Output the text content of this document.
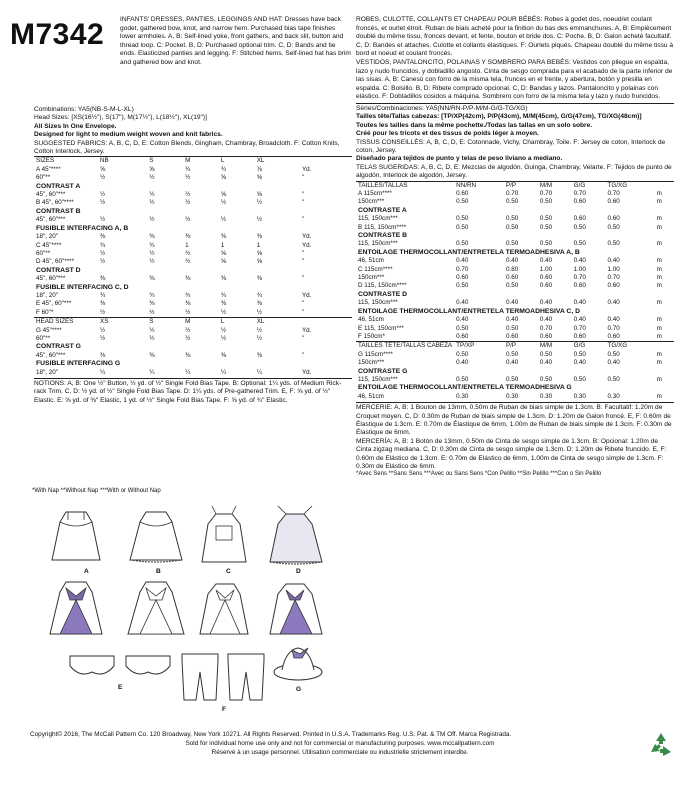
M7342 INFANTS' DRESSES, PANTIES, LEGGINGS AND HAT: Dresses have back godet, gathered bow, knot, and narrow hem. Purchased bias tape finishes lower armholes. A, B: Self-lined yoke, front gathers, and back slit, button and thread loop. C: Pocket. B, D: Purchased optional trim. C, D: Bands and tie ends. Elasticized panties and legging. F: Stitched hems. Self-lined hat has brim and gathered bow and knot.
Combinations: YA5(NB-S-M-L-XL)
Head Sizes: [XS(16½"), S(17"), M(17½"), L(18½"), XL(19")]
All Sizes In One Envelope.
Designed for light to medium weight woven and knit fabrics.
SUGGESTED FABRICS: A, B, C, D, E: Cotton Blends, Gingham, Chambray, Broadcloth. F: Cotton Knits, Cotton Interlock, Jersey.
SIZES	NB	S	M	L	XL	
A 45"****	⅝	⅝	¾	¾	⅞	Yd.
60"**	½	½	½	⅝	⅝	"
CONTRAST A						
45", 60"***	½	½	½	⅝	⅝	"
B 45", 60"****	½	½	½	½	½	"
CONTRAST B						
45", 60"***	½	½	½	½	½	"
FUSIBLE INTERFACING A, B						
18", 20"	⅜	⅜	⅜	⅜	⅜	Yd.
C 45"****	¾	¾	1	1	1	Yd.
60"**	½	½	½	⅝	⅝	"
D 45", 60"****	½	½	½	⅝	⅝	"
CONTRAST D						
45", 60"***	⅜	⅜	⅜	⅜	⅜	"
FUSIBLE INTERFACING C, D						
18", 20"	¾	¾	¾	¾	¾	Yd.
E 45", 60"***	⅜	⅜	⅜	⅜	⅜	"
F 60"*	½	½	½	½	½	"
HEAD SIZES	XS	S	M	L	XL	
G 45"****	½	½	½	½	½	Yd.
60"**	½	½	½	½	½	"
CONTRAST G						
45", 60"***	⅜	⅜	⅜	⅜	⅜	"
FUSIBLE INTERFACING G						
18", 20"	¼	¼	¼	¼	¼	Yd.
NOTIONS: A, B: One ½" Button, ½ yd. of ½" Single Fold Bias Tape. B: Optional: 1¼ yds. of Medium Rick-rack Trim. C, D: ½ yd. of ½" Single Fold Bias Tape. D: 1¼ yds. of Pre-gathered Trim. E, F: ⅝ yd. of ½" Elastic. E: ⅝ yd. of ⅜" Elastic, 1 yd. of ½" Single Fold Bias Tape. F: ⅝ yd. of ¾" Elastic.
*With Nap **Without Nap ***With or Without Nap
A	B	C	D
E
F
G
ROBES, CULOTTE, COLLANTS ET CHAPEAU POUR BÉBÉS: Robes à godet dos, noeud/et coulant froncés, et ourlet étroit. Ruban de biais acheté pour la finition du bas des emmanchures. A, B: Empiècement doublé du même tissu, fronces devant, et fente, bouton et bride dos. C: Poche. B, D: Galon acheté facultatif. C, D: Bandes et attaches. Culotte et collants élastiques. F: Ourlets piqués. Chapeau doublé du même tissu à bord et noeud et coulant froncés.
VESTIDOS, PANTALONCITO, POLAINAS Y SOMBRERO PARA BEBÉS: Vestidos con pliegue en espalda, lazo y nudo fruncidos, y dobladillo angosto. Cinta de sesgo comprada para el acabado de la parte inferior de las sisas. A, B: Canesú con forro de la misma tela, frunces en el frente, y abertura, botón y presilla en espalda. C: Bolsillo. B, D: Ribete comprado opcional. C, D: Bandas y lazos. Pantaloncito y polainas con elástico. F: Dobladillos cosidos a máquina. Sombrero con forro de la misma tela y lazo y nudo fruncidos.
Séries/Combinaciones: YA5(NN/RN-P/P-M/M-G/G-TG/XG)
Tailles tête/Tallas cabezas: [TP/XP(42cm), P/P(43cm), M/M(45cm), G/G(47cm), TG/XG(48cm)]
Toutes les tailles dans la même pochette./Todas las tallas en un solo sobre.
Créé pour les tricots et des tissus de poids léger à moyen.
TISSUS CONSEILLÉS: A, B, C, D, E: Cotonnade, Vichy, Chambray, Toile. F: Jersey de coton, Interlock de coton, Jersey.
Diseñado para tejidos de punto y telas de peso liviano a mediano.
TELAS SUGERIDAS: A, B, C, D, E: Mezclas de algodón, Guinga, Chambray, Velarte. F: Tejidos de punto de algodón, Interlock de algodón, Jersey.
TAILLES/TALLAS	NN/RN	P/P	M/M	G/G	TG/XG	
A 115cm****	0.60	0.70	0.70	0.70	0.70	m
150cm***	0.50	0.50	0.50	0.60	0.60	m
CONTRASTE A						
115, 150cm***	0.50	0.50	0.50	0.60	0.60	m
B 115, 150cm****	0.50	0.50	0.50	0.50	0.50	m
CONTRASTE B						
115, 150cm***	0.50	0.50	0.50	0.50	0.50	m
ENTOILAGE THERMOCOLLANT/ENTRETELA TERMOADHESIVA A, B						
46, 51cm	0.40	0.40	0.40	0.40	0.40	m
C 115cm****	0.70	0.80	1.00	1.00	1.00	m
150cm***	0.60	0.60	0.60	0.70	0.70	m
D 115, 150cm****	0.50	0.50	0.60	0.60	0.60	m
CONTRASTE D						
115, 150cm***	0.40	0.40	0.40	0.40	0.40	m
ENTOILAGE THERMOCOLLANT/ENTRETELA TERMOADHESIVA C, D						
46, 51cm	0.40	0.40	0.40	0.40	0.40	m
E 115, 150cm***	0.50	0.50	0.70	0.70	0.70	m
F 150cm*	0.60	0.60	0.60	0.60	0.60	m
TAILLES TÊTE/TALLAS CABEZA	TP/XP	P/P	M/M	G/G	TG/XG	
G 115cm****	0.50	0.50	0.50	0.50	0.50	m
150cm***	0.40	0.40	0.40	0.40	0.40	m
CONTRASTE G						
115, 150cm***	0.50	0.50	0.50	0.50	0.50	m
ENTOILAGE THERMOCOLLANT/ENTRETELA TERMOADHESIVA G						
46, 51cm	0.30	0.30	0.30	0.30	0.30	m
MERCERIE: A, B: 1 Bouton de 13mm, 0.50m de Ruban de biais simple de 1.3cm. B: Facultatif: 1.20m de Croquet moyen. C, D: 0.30m de Ruban de biais simple de 1.3cm. D: 1.20m de Galon froncé. E, F: 0.60m de Élastique de 1.3cm. E: 0.70m de Élastique de 6mm, 1.00m de Ruban de biais simple de 1.3cm. F: 0.30m de Élastique de 6mm.
MERCERÍA: A, B: 1 Botón de 13mm, 0.50m de Cinta de sesgo simple de 1.3cm. B: Opcional: 1.20m de Cinta zigzag mediana. C, D: 0.30m de Cinta de sesgo simple de 1.3cm. D: 1.20m de Ribete fruncido. E, F: 0.60m de Elástico de 1.3cm. E: 0.70m de Elástico de 6mm, 1.00m de Cinta de sesgo simple de 1.3cm. F: 0.30m de Elástico de 6mm.
*Avec Sens **Sans Sens ***Avec ou Sans Sens *Con Pelillo **Sin Pelillo ***Con o Sin Pelillo
Copyright© 2016, The McCall Pattern Co. 120 Broadway, New York 10271. All Rights Reserved. Printed in U.S.A. Trademarks Reg. U.S. Pat. & TM Off. Marca Registrada.
Sold for individual home use only and not for commercial or manufacturing purposes. www.mccallpattern.com
Réservé à un usage personnel. Utilisation commerciale ou industrielle strictement interdite.
